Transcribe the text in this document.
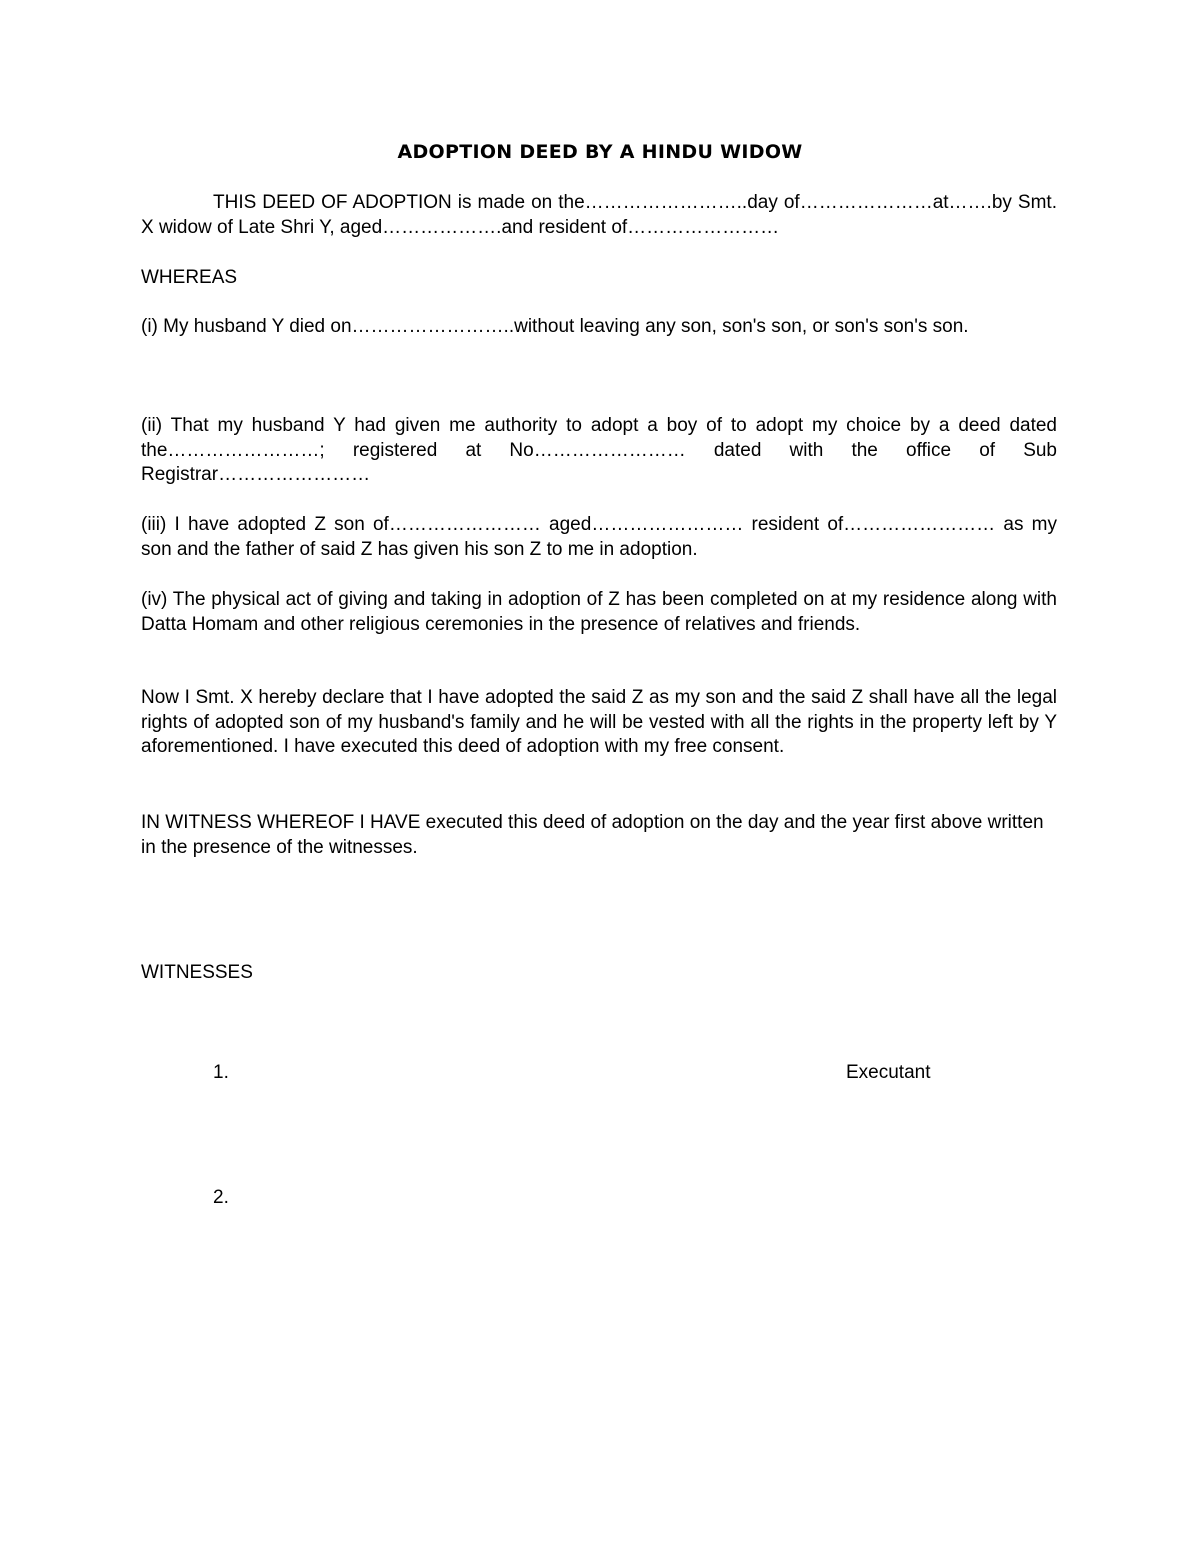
ADOPTION DEED BY A HINDU WIDOW

THIS DEED OF ADOPTION is made on the……………………..day of…………………at…….by Smt. X widow of Late Shri Y, aged……………….and resident of……………………

WHEREAS

(i) My husband Y died on……………………..without leaving any son, son's son, or son's son's son.

(ii) That my husband Y had given me authority to adopt a boy of to adopt my choice by a deed dated the……………………; registered at No…………………… dated with the office of Sub Registrar……………………

(iii) I have adopted Z son of…………………… aged…………………… resident of…………………… as my son and the father of said Z has given his son Z to me in adoption.

(iv) The physical act of giving and taking in adoption of Z has been completed on at my residence along with Datta Homam and other religious ceremonies in the presence of relatives and friends.

Now I Smt. X hereby declare that I have adopted the said Z as my son and the said Z shall have all the legal rights of adopted son of my husband's family and he will be vested with all the rights in the property left by Y aforementioned. I have executed this deed of adoption with my free consent.

IN WITNESS WHEREOF I HAVE executed this deed of adoption on the day and the year first above written in the presence of the witnesses.

WITNESSES

1.	Executant
2.
